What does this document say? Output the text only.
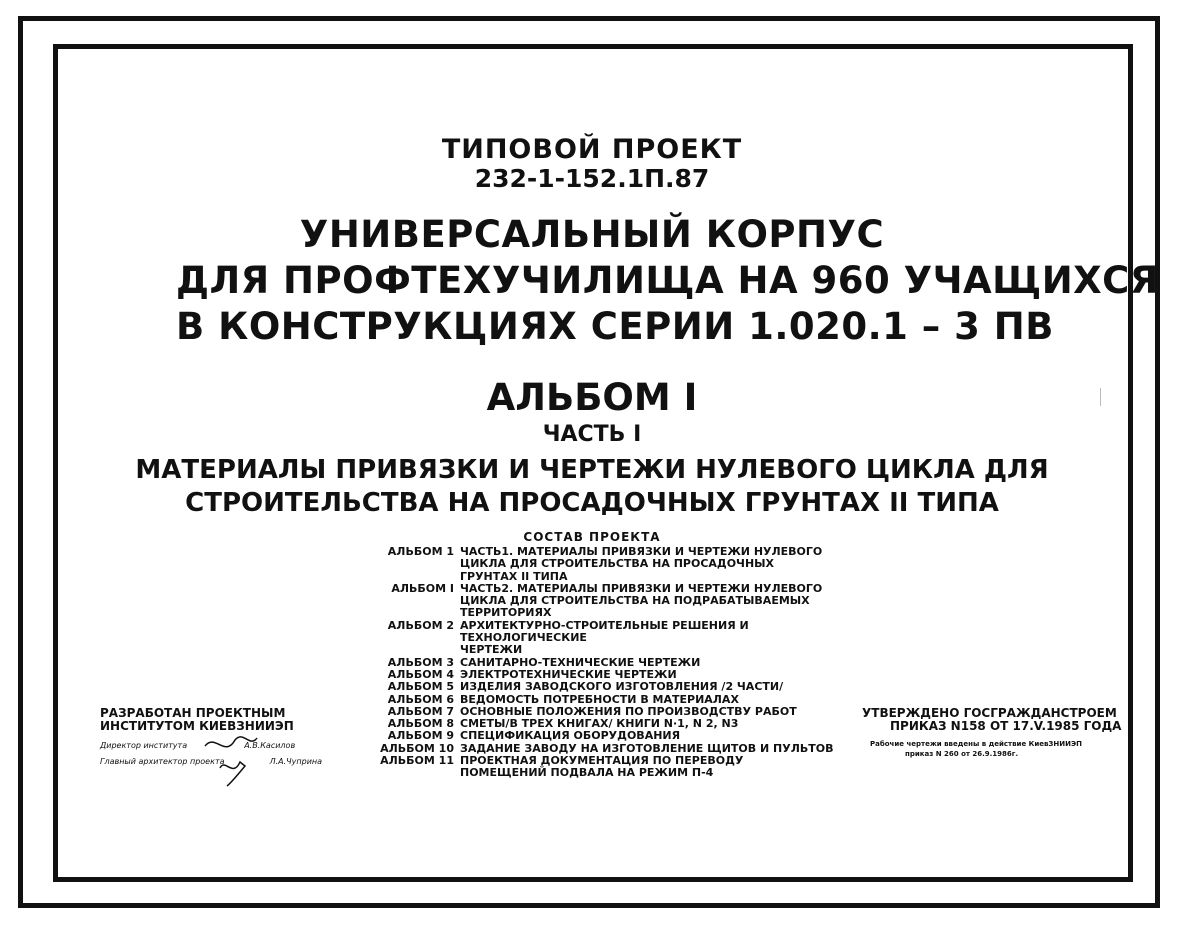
ТИПОВОЙ ПРОЕКТ
232-1-152.1П.87
УНИВЕРСАЛЬНЫЙ КОРПУС
ДЛЯ ПРОФТЕХУЧИЛИЩА НА 960 УЧАЩИХСЯ
В КОНСТРУКЦИЯХ СЕРИИ 1.020.1 – 3 ПВ
АЛЬБОМ I
ЧАСТЬ I
МАТЕРИАЛЫ ПРИВЯЗКИ И ЧЕРТЕЖИ НУЛЕВОГО ЦИКЛА ДЛЯ
СТРОИТЕЛЬСТВА НА ПРОСАДОЧНЫХ ГРУНТАХ II ТИПА
СОСТАВ ПРОЕКТА
АЛЬБОМ 1 ЧАСТЬ1. МАТЕРИАЛЫ ПРИВЯЗКИ И ЧЕРТЕЖИ НУЛЕВОГО
ЦИКЛА ДЛЯ СТРОИТЕЛЬСТВА НА ПРОСАДОЧНЫХ
ГРУНТАХ II ТИПА
АЛЬБОМ I ЧАСТЬ2. МАТЕРИАЛЫ ПРИВЯЗКИ И ЧЕРТЕЖИ НУЛЕВОГО
ЦИКЛА ДЛЯ СТРОИТЕЛЬСТВА НА ПОДРАБАТЫВАЕМЫХ
ТЕРРИТОРИЯХ
АЛЬБОМ 2 АРХИТЕКТУРНО-СТРОИТЕЛЬНЫЕ РЕШЕНИЯ И ТЕХНОЛОГИЧЕСКИЕ
ЧЕРТЕЖИ
АЛЬБОМ 3 САНИТАРНО-ТЕХНИЧЕСКИЕ ЧЕРТЕЖИ
АЛЬБОМ 4 ЭЛЕКТРОТЕХНИЧЕСКИЕ ЧЕРТЕЖИ
АЛЬБОМ 5 ИЗДЕЛИЯ ЗАВОДСКОГО ИЗГОТОВЛЕНИЯ /2 ЧАСТИ/
АЛЬБОМ 6 ВЕДОМОСТЬ ПОТРЕБНОСТИ В МАТЕРИАЛАХ
АЛЬБОМ 7 ОСНОВНЫЕ ПОЛОЖЕНИЯ ПО ПРОИЗВОДСТВУ РАБОТ
АЛЬБОМ 8 СМЕТЫ/В ТРЕХ КНИГАХ/ КНИГИ N·1, N 2, N3
АЛЬБОМ 9 СПЕЦИФИКАЦИЯ ОБОРУДОВАНИЯ
АЛЬБОМ 10 ЗАДАНИЕ ЗАВОДУ НА ИЗГОТОВЛЕНИЕ ЩИТОВ И ПУЛЬТОВ
АЛЬБОМ 11 ПРОЕКТНАЯ ДОКУМЕНТАЦИЯ ПО ПЕРЕВОДУ
ПОМЕЩЕНИЙ ПОДВАЛА НА РЕЖИМ П-4
РАЗРАБОТАН ПРОЕКТНЫМ
ИНСТИТУТОМ КИЕВЗНИИЭП
Директор института	А.В.Касилов
Главный архитектор проекта	Л.А.Чуприна
УТВЕРЖДЕНО ГОСГРАЖДАНСТРОЕМ
ПРИКАЗ N158 ОТ 17.V.1985 ГОДА
Рабочие чертежи введены в действие КиевЗНИИЭП
приказ N 260 от 26.9.1986г.
